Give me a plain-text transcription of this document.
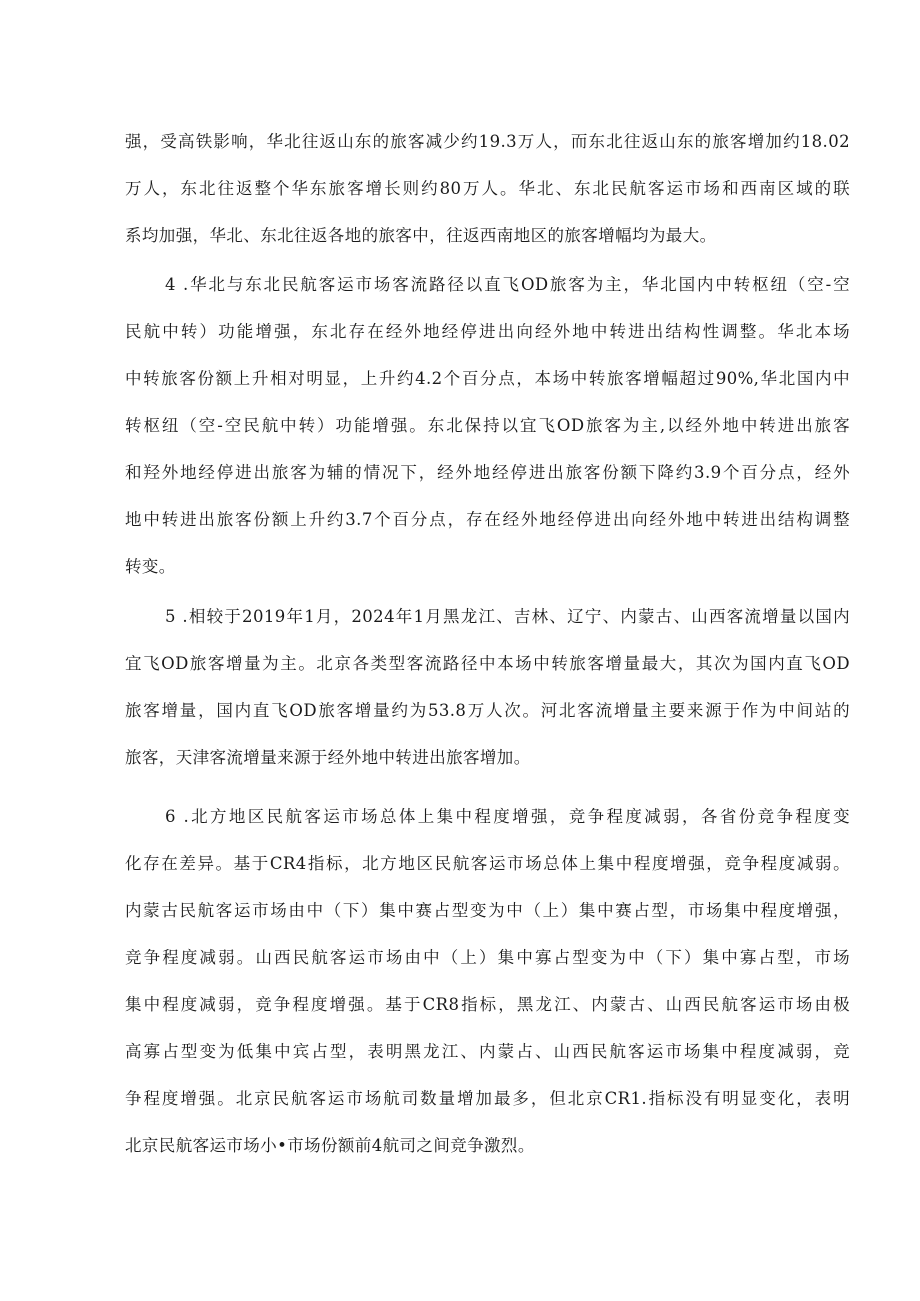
强，受高铁影响，华北往返山东的旅客减少约19.3万人，而东北往返山东的旅客增加约18.02
万人，东北往返整个华东旅客增长则约80万人。华北、东北民航客运市场和西南区域的联
系均加强，华北、东北往返各地的旅客中，往返西南地区的旅客增幅均为最大。
4 .华北与东北民航客运市场客流路径以直飞OD旅客为主，华北国内中转枢纽（空-空
民航中转）功能增强，东北存在经外地经停进出向经外地中转进出结构性调整。华北本场
中转旅客份额上升相对明显，上升约4.2个百分点，本场中转旅客增幅超过90%,华北国内中
转枢纽（空-空民航中转）功能增强。东北保持以宜飞OD旅客为主,以经外地中转进出旅客
和羟外地经停进出旅客为辅的情况下，经外地经停进出旅客份额下降约3.9个百分点，经外
地中转进出旅客份额上升约3.7个百分点，存在经外地经停进出向经外地中转进出结构调整
转变。
5 .相较于2019年1月，2024年1月黑龙江、吉林、辽宁、内蒙古、山西客流增量以国内
宜飞OD旅客增量为主。北京各类型客流路径中本场中转旅客增量最大，其次为国内直飞OD
旅客增量，国内直飞OD旅客增量约为53.8万人次。河北客流增量主要来源于作为中间站的
旅客，天津客流增量来源于经外地中转进出旅客增加。
6 .北方地区民航客运市场总体上集中程度增强，竞争程度减弱，各省份竞争程度变
化存在差异。基于CR4指标，北方地区民航客运市场总体上集中程度增强，竞争程度减弱。
内蒙古民航客运市场由中（下）集中赛占型变为中（上）集中赛占型，市场集中程度增强，
竞争程度减弱。山西民航客运市场由中（上）集中寡占型变为中（下）集中寡占型，市场
集中程度减弱，竞争程度增强。基于CR8指标，黑龙江、内蒙古、山西民航客运市场由极
高寡占型变为低集中宾占型，表明黑龙江、内蒙占、山西民航客运市场集中程度减弱，竞
争程度增强。北京民航客运市场航司数量增加最多，但北京CR1.指标没有明显变化，表明
北京民航客运市场小•市场份额前4航司之间竞争激烈。
